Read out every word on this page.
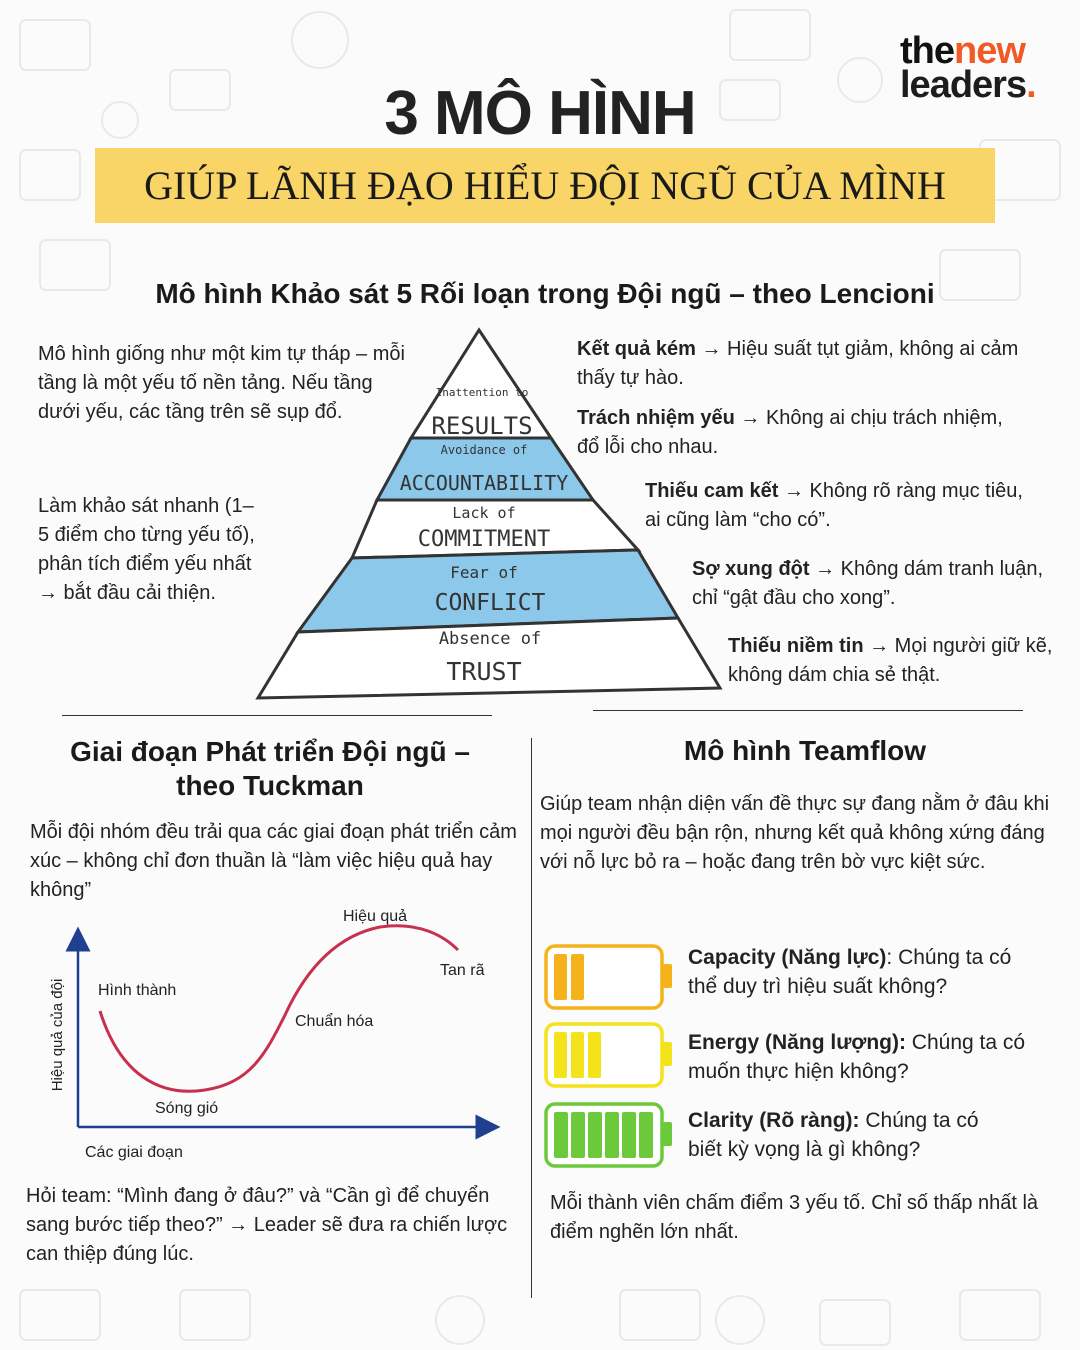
thenew
leaders.
3 MÔ HÌNH
GIÚP LÃNH ĐẠO HIỂU ĐỘI NGŨ CỦA MÌNH
Mô hình Khảo sát 5 Rối loạn trong Đội ngũ – theo Lencioni
Mô hình giống như một kim tự tháp – mỗi tầng là một yếu tố nền tảng. Nếu tầng dưới yếu, các tầng trên sẽ sụp đổ.
Làm khảo sát nhanh (1–5 điểm cho từng yếu tố), phân tích điểm yếu nhất → bắt đầu cải thiện.
Inattention to
RESULTS
Avoidance of
ACCOUNTABILITY
Lack of
COMMITMENT
Fear of
CONFLICT
Absence of
TRUST
Kết quả kém → Hiệu suất tụt giảm, không ai cảm thấy tự hào.
Trách nhiệm yếu → Không ai chịu trách nhiệm, đổ lỗi cho nhau.
Thiếu cam kết → Không rõ ràng mục tiêu, ai cũng làm “cho có”.
Sợ xung đột → Không dám tranh luận, chỉ “gật đầu cho xong”.
Thiếu niềm tin → Mọi người giữ kẽ, không dám chia sẻ thật.
Giai đoạn Phát triển Đội ngũ –
theo Tuckman
Mỗi đội nhóm đều trải qua các giai đoạn phát triển cảm xúc – không chỉ đơn thuần là “làm việc hiệu quả hay không”
Hiệu quả của đội
Các giai đoạn
Hình thành
Sóng gió
Chuẩn hóa
Hiệu quả
Tan rã
Hỏi team: “Mình đang ở đâu?” và “Cần gì để chuyển sang bước tiếp theo?” → Leader sẽ đưa ra chiến lược can thiệp đúng lúc.
Mô hình Teamflow
Giúp team nhận diện vấn đề thực sự đang nằm ở đâu khi mọi người đều bận rộn, nhưng kết quả không xứng đáng với nỗ lực bỏ ra – hoặc đang trên bờ vực kiệt sức.
Capacity (Năng lực): Chúng ta có thể duy trì hiệu suất không?
Energy (Năng lượng): Chúng ta có muốn thực hiện không?
Clarity (Rõ ràng): Chúng ta có biết kỳ vọng là gì không?
Mỗi thành viên chấm điểm 3 yếu tố. Chỉ số thấp nhất là điểm nghẽn lớn nhất.
